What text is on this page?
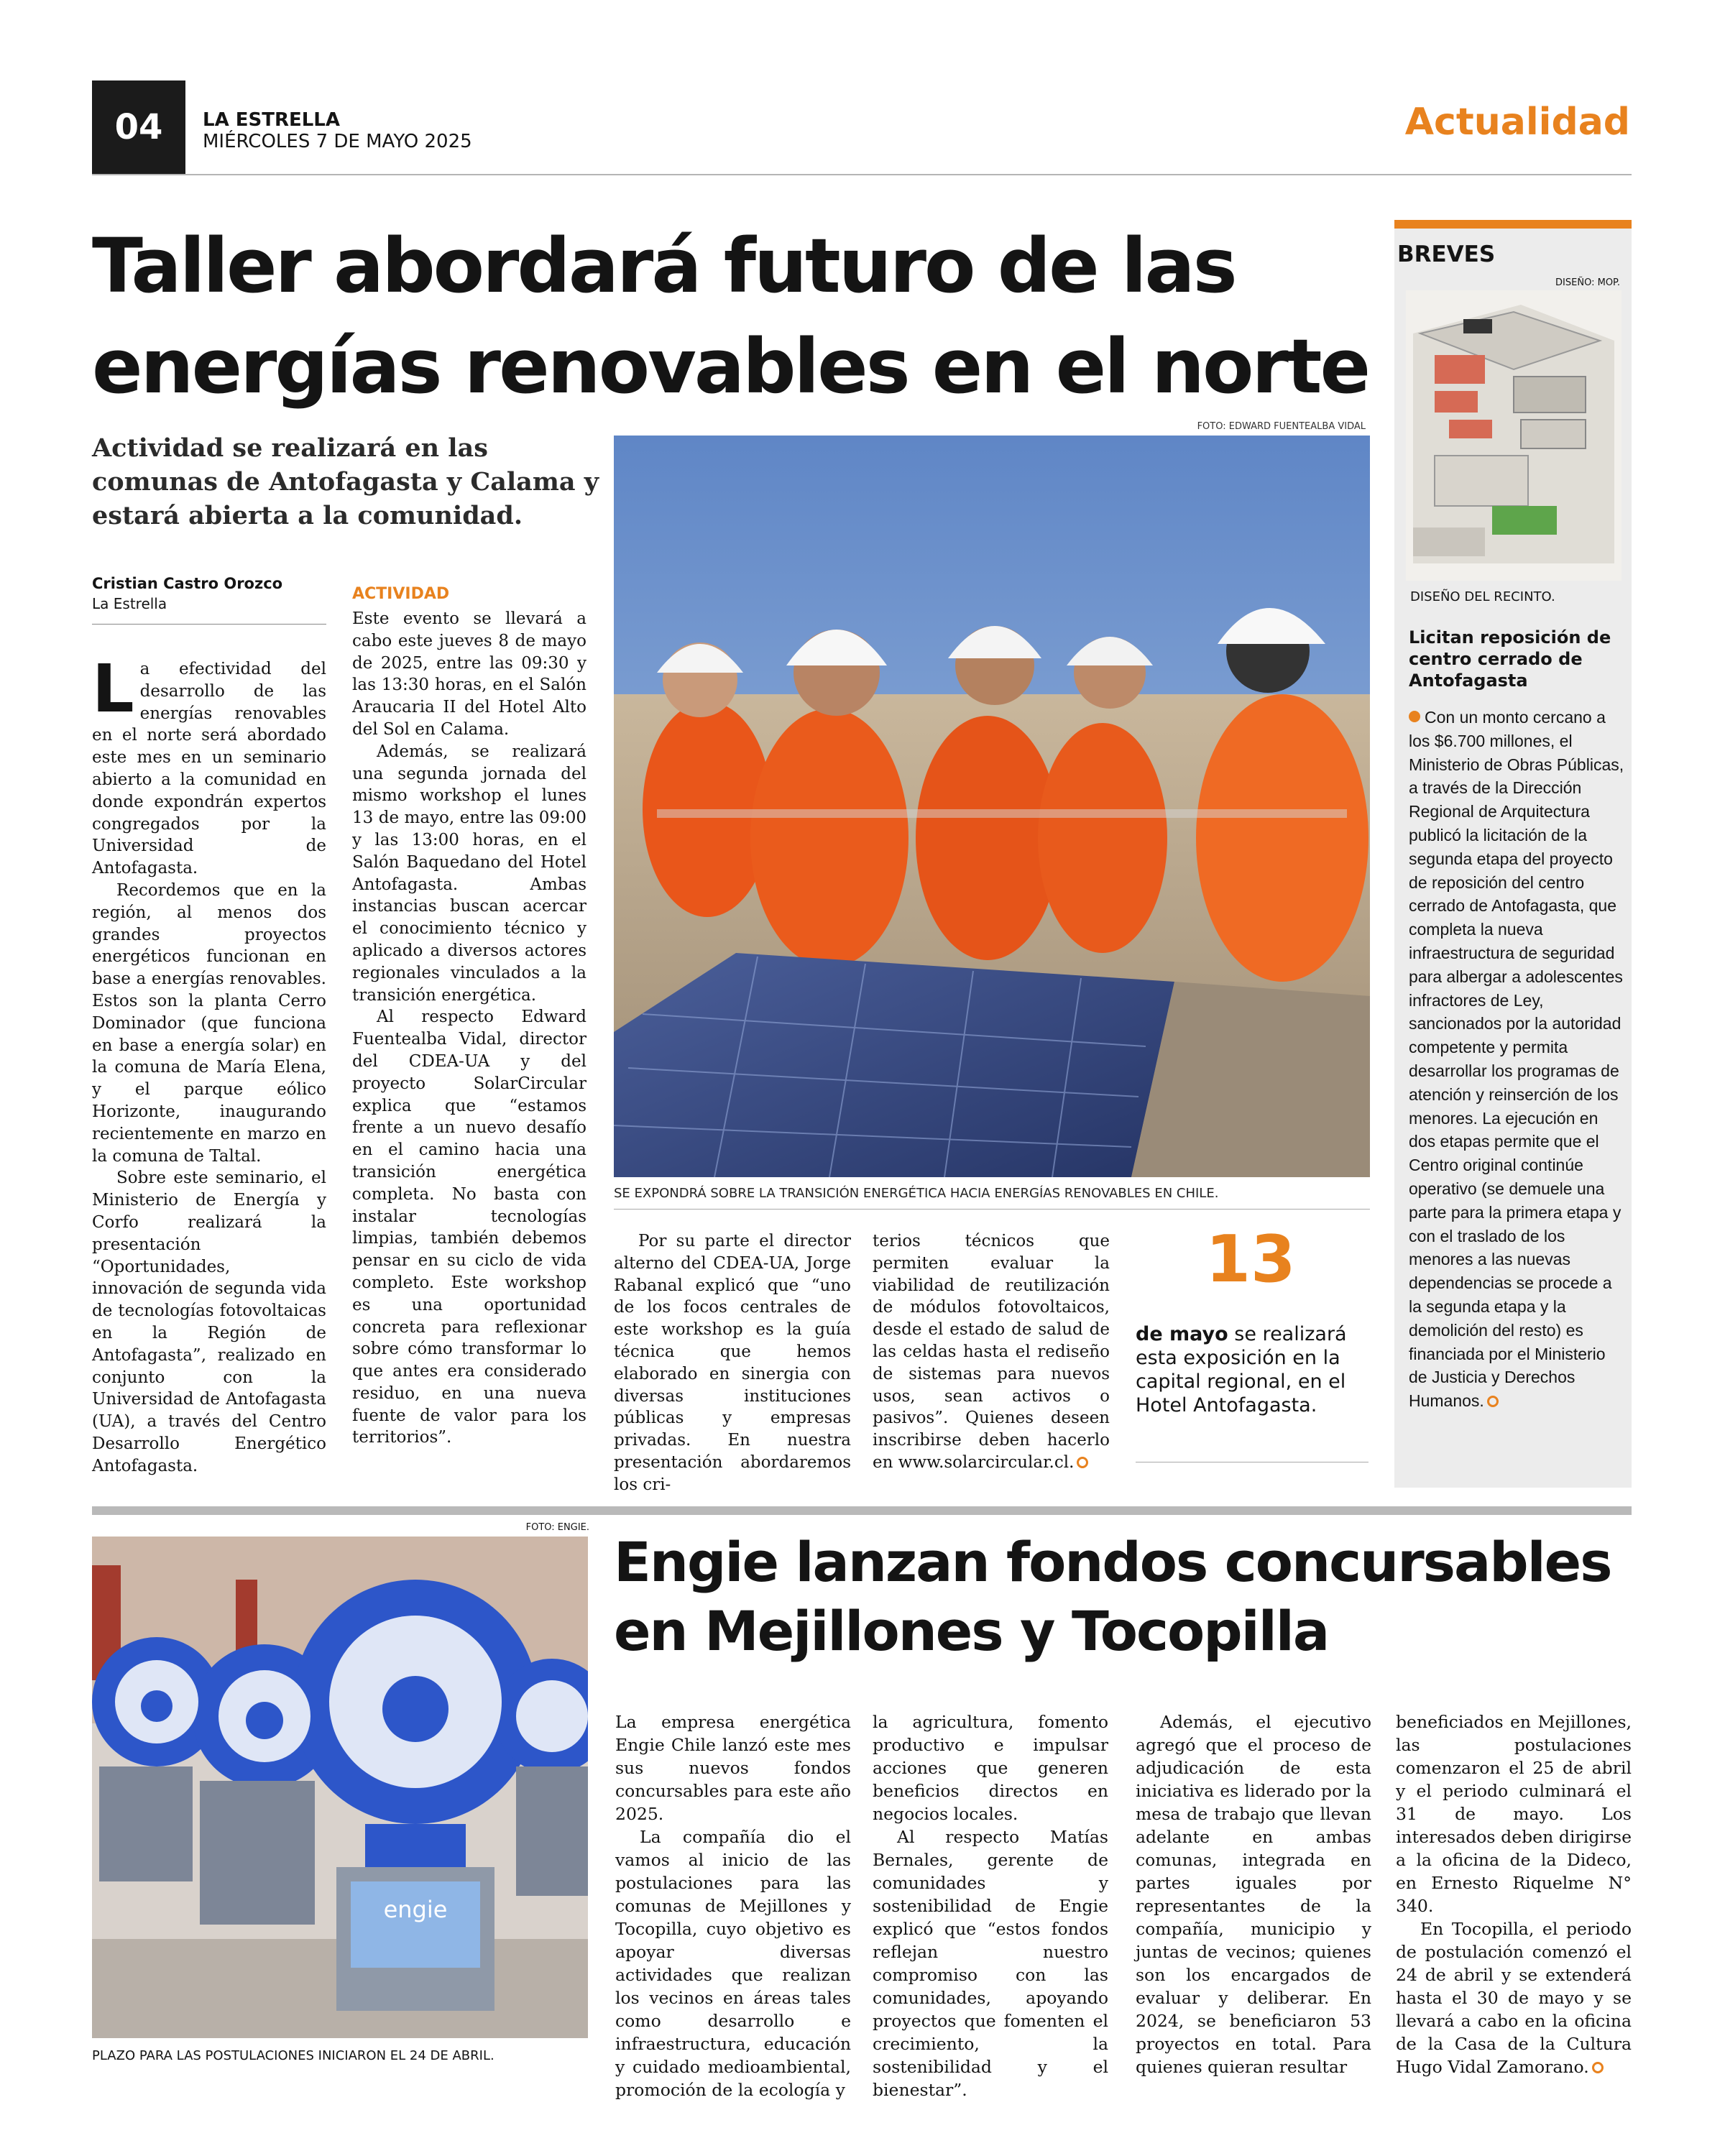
04	LA ESTRELLA
MIÉRCOLES 7 DE MAYO 2025	Actualidad
Taller abordará futuro de las energías renovables en el norte

Actividad se realizará en las comunas de Antofagasta y Calama y estará abierta a la comunidad.

Cristian Castro Orozco
La Estrella

La efectividad del desarrollo de las energías renovables en el norte será abordado este mes en un seminario abierto a la comunidad en donde expondrán expertos congregados por la Universidad de Antofagasta.

Recordemos que en la región, al menos dos grandes proyectos energéticos funcionan en base a energías renovables. Estos son la planta Cerro Dominador (que funciona en base a energía solar) en la comuna de María Elena, y el parque eólico Horizonte, inaugurando recientemente en marzo en la comuna de Taltal.

Sobre este seminario, el Ministerio de Energía y Corfo realizará la presentación “Oportunidades, innovación de segunda vida de tecnologías fotovoltaicas en la Región de Antofagasta”, realizado en conjunto con la Universidad de Antofagasta (UA), a través del Centro Desarrollo Energético Antofagasta.

ACTIVIDAD

Este evento se llevará a cabo este jueves 8 de mayo de 2025, entre las 09:30 y las 13:30 horas, en el Salón Araucaria II del Hotel Alto del Sol en Calama.

Además, se realizará una segunda jornada del mismo workshop el lunes 13 de mayo, entre las 09:00 y las 13:00 horas, en el Salón Baquedano del Hotel Antofagasta. Ambas instancias buscan acercar el conocimiento técnico y aplicado a diversos actores regionales vinculados a la transición energética.

Al respecto Edward Fuentealba Vidal, director del CDEA-UA y del proyecto SolarCircular explica que “estamos frente a un nuevo desafío en el camino hacia una transición energética completa. No basta con instalar tecnologías limpias, también debemos pensar en su ciclo de vida completo. Este workshop es una oportunidad concreta para reflexionar sobre cómo transformar lo que antes era considerado residuo, en una nueva fuente de valor para los territorios”.

FOTO: EDWARD FUENTEALBA VIDAL
SE EXPONDRÁ SOBRE LA TRANSICIÓN ENERGÉTICA HACIA ENERGÍAS RENOVABLES EN CHILE.

Por su parte el director alterno del CDEA-UA, Jorge Rabanal explicó que “uno de los focos centrales de este workshop es la guía técnica que hemos elaborado en sinergia con diversas instituciones públicas y empresas privadas. En nuestra presentación abordaremos los cri-

terios técnicos que permiten evaluar la viabilidad de reutilización de módulos fotovoltaicos, desde el estado de salud de las celdas hasta el rediseño de sistemas para nuevos usos, sean activos o pasivos”. Quienes deseen inscribirse deben hacerlo en www.solarcircular.cl.

13
de mayo se realizará esta exposición en la capital regional, en el Hotel Antofagasta.
BREVES
DISEÑO: MOP.
DISEÑO DEL RECINTO.
Licitan reposición de centro cerrado de Antofagasta

Con un monto cercano a los $6.700 millones, el Ministerio de Obras Públicas, a través de la Dirección Regional de Arquitectura publicó la licitación de la segunda etapa del proyecto de reposición del centro cerrado de Antofagasta, que completa la nueva infraestructura de seguridad para albergar a adolescentes infractores de Ley, sancionados por la autoridad competente y permita desarrollar los programas de atención y reinserción de los menores. La ejecución en dos etapas permite que el Centro original continúe operativo (se demuele una parte para la primera etapa y con el traslado de los menores a las nuevas dependencias se procede a la segunda etapa y la demolición del resto) es financiada por el Ministerio de Justicia y Derechos Humanos.

FOTO: ENGIE.
engie
PLAZO PARA LAS POSTULACIONES INICIARON EL 24 DE ABRIL.
Engie lanzan fondos concursables en Mejillones y Tocopilla

La empresa energética Engie Chile lanzó este mes sus nuevos fondos concursables para este año 2025.

La compañía dio el vamos al inicio de las postulaciones para las comunas de Mejillones y Tocopilla, cuyo objetivo es apoyar diversas actividades que realizan los vecinos en áreas tales como desarrollo e infraestructura, educación y cuidado medioambiental, promoción de la ecología y

la agricultura, fomento productivo e impulsar acciones que generen beneficios directos en negocios locales.

Al respecto Matías Bernales, gerente de comunidades y sostenibilidad de Engie explicó que “estos fondos reflejan nuestro compromiso con las comunidades, apoyando proyectos que fomenten el crecimiento, la sostenibilidad y el bienestar”.

Además, el ejecutivo agregó que el proceso de adjudicación de esta iniciativa es liderado por la mesa de trabajo que llevan adelante en ambas comunas, integrada en partes iguales por representantes de la compañía, municipio y juntas de vecinos; quienes son los encargados de evaluar y deliberar. En 2024, se beneficiaron 53 proyectos en total. Para quienes quieran resultar

beneficiados en Mejillones, las postulaciones comenzaron el 25 de abril y el periodo culminará el 31 de mayo. Los interesados deben dirigirse a la oficina de la Dideco, en Ernesto Riquelme N° 340.

En Tocopilla, el periodo de postulación comenzó el 24 de abril y se extenderá hasta el 30 de mayo y se llevará a cabo en la oficina de la Casa de la Cultura Hugo Vidal Zamorano.
